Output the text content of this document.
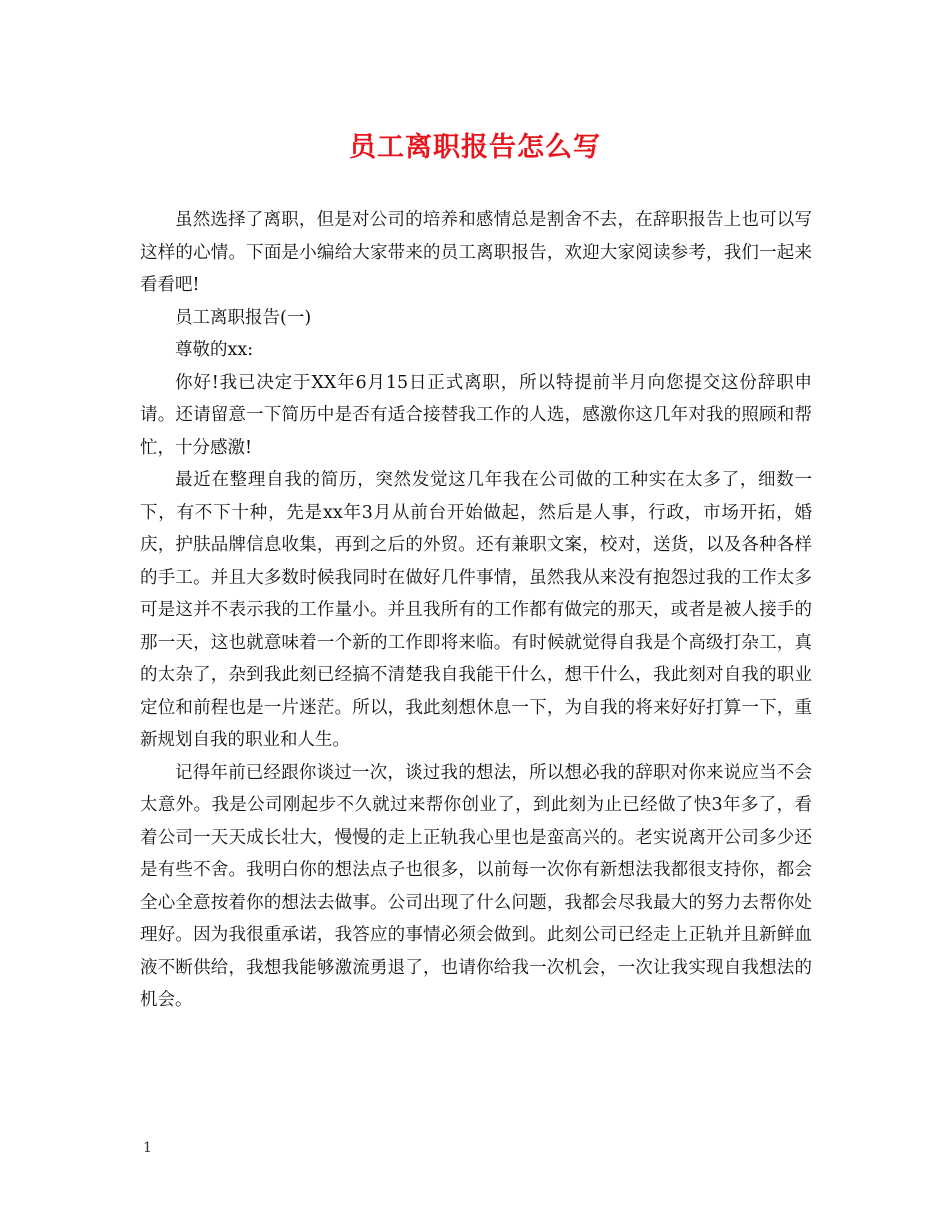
员工离职报告怎么写

虽然选择了离职，但是对公司的培养和感情总是割舍不去，在辞职报告上也可以写这样的心情。下面是小编给大家带来的员工离职报告，欢迎大家阅读参考，我们一起来看看吧!

员工离职报告(一)

尊敬的xx:

你好!我已决定于XX年6月15日正式离职，所以特提前半月向您提交这份辞职申请。还请留意一下简历中是否有适合接替我工作的人选，感激你这几年对我的照顾和帮忙，十分感激!

最近在整理自我的简历，突然发觉这几年我在公司做的工种实在太多了，细数一下，有不下十种，先是xx年3月从前台开始做起，然后是人事，行政，市场开拓，婚庆，护肤品牌信息收集，再到之后的外贸。还有兼职文案，校对，送货，以及各种各样的手工。并且大多数时候我同时在做好几件事情，虽然我从来没有抱怨过我的工作太多可是这并不表示我的工作量小。并且我所有的工作都有做完的那天，或者是被人接手的那一天，这也就意味着一个新的工作即将来临。有时候就觉得自我是个高级打杂工，真的太杂了，杂到我此刻已经搞不清楚我自我能干什么，想干什么，我此刻对自我的职业定位和前程也是一片迷茫。所以，我此刻想休息一下，为自我的将来好好打算一下，重新规划自我的职业和人生。

记得年前已经跟你谈过一次，谈过我的想法，所以想必我的辞职对你来说应当不会太意外。我是公司刚起步不久就过来帮你创业了，到此刻为止已经做了快3年多了，看着公司一天天成长壮大，慢慢的走上正轨我心里也是蛮高兴的。老实说离开公司多少还是有些不舍。我明白你的想法点子也很多，以前每一次你有新想法我都很支持你，都会全心全意按着你的想法去做事。公司出现了什么问题，我都会尽我最大的努力去帮你处理好。因为我很重承诺，我答应的事情必须会做到。此刻公司已经走上正轨并且新鲜血液不断供给，我想我能够激流勇退了，也请你给我一次机会，一次让我实现自我想法的机会。

1
